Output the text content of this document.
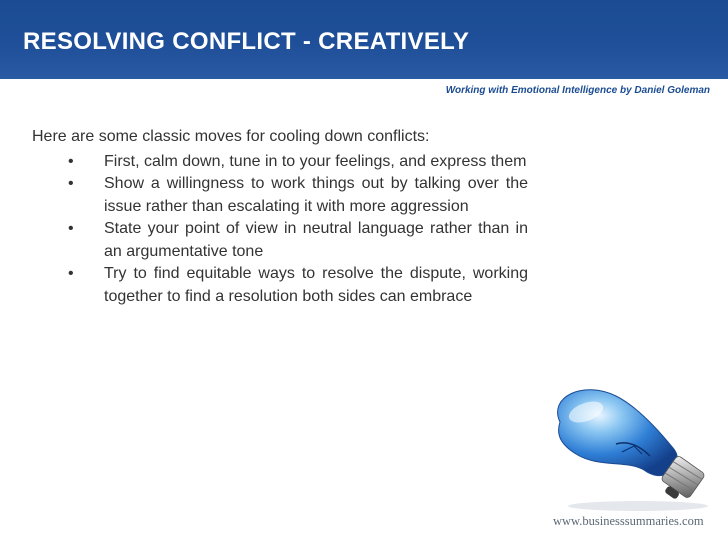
RESOLVING CONFLICT - CREATIVELY
Working with Emotional Intelligence by Daniel Goleman

Here are some classic moves for cooling down conflicts:

• First, calm down, tune in to your feelings, and express them
• Show a willingness to work things out by talking over the issue rather than escalating it with more aggression
• State your point of view in neutral language rather than in an argumentative tone
• Try to find equitable ways to resolve the dispute, working together to find a resolution both sides can embrace
www.businesssummaries.com
